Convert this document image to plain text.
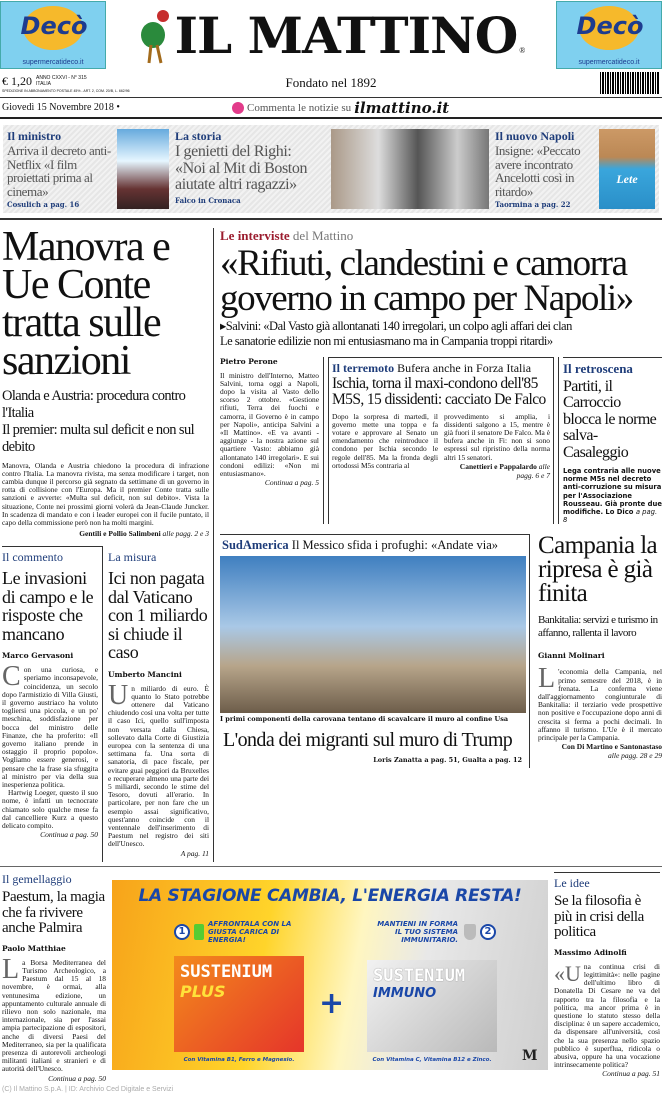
Decò
supermercatideco.it	IL MATTINO ®
Decò
supermercatideco.it
€ 1,20 ANNO CXXVI - N° 315
ITALIA
SPEDIZIONE IN ABBONAMENTO POSTALE 45% - ART. 2, COM. 20/B, L. 662/96
Fondato nel 1892
Giovedì 15 Novembre 2018 •	Commenta le notizie su ilmattino.it
Il ministro
Arriva il decreto anti-Netflix «I film proiettati prima al cinema»
Cosulich a pag. 16
La storia
I genietti del Righi: «Noi al Mit di Boston aiutate altri ragazzi»
Falco in Cronaca
Il nuovo Napoli
Insigne: «Peccato avere incontrato Ancelotti così in ritardo»
Taormina a pag. 22
Lete
Manovra e Ue Conte tratta sulle sanzioni
Olanda e Austria: procedura contro l'Italia
Il premier: multa sul deficit e non sul debito
Manovra, Olanda e Austria chiedono la procedura di infrazione contro l'Italia. La manovra rivista, ma senza modificare i target, non cambia dunque il percorso già segnato da settimane di un governo in rotta di collisione con l'Europa. Ma il premier Conte tratta sulle sanzioni e avverte: «Multa sul deficit, non sul debito». Vista la situazione, Conte nei prossimi giorni volerà da Jean-Claude Juncker. In scadenza di mandato e con i leader europei con il fucile puntato, il capo della commissione però non ha molti margini.
Gentili e Pollio Salimbeni alle pagg. 2 e 3
Il commento
Le invasioni di campo e le risposte che mancano
Marco Gervasoni
Con una curiosa, e speriamo inconsapevole, coincidenza, un secolo dopo l'armistizio di Villa Giusti, il governo austriaco ha voluto togliersi una piccola, e un po' meschina, soddisfazione per bocca del ministro delle Finanze, che ha proferito: «Il governo italiano prende in ostaggio il proprio popolo». Vogliamo essere generosi, e pensare che la frase sia sfuggita al ministro per via della sua inesperienza politica.
Hartwig Loeger, questo il suo nome, è infatti un tecnocrate chiamato solo qualche mese fa dal cancelliere Kurz a questo delicato compito.
Continua a pag. 50
La misura
Ici non pagata dal Vaticano con 1 miliardo si chiude il caso
Umberto Mancini
Un miliardo di euro. È quanto lo Stato potrebbe ottenere dal Vaticano chiudendo così una volta per tutte il caso Ici, quello sull'imposta non versata dalla Chiesa, sollevato dalla Corte di Giustizia europea con la sentenza di una settimana fa. Una sorta di sanatoria, di pace fiscale, per evitare guai peggiori da Bruxelles e recuperare almeno una parte dei 5 miliardi, secondo le stime del Tesoro, dovuti all'erario. In particolare, per non fare che un esempio assai significativo, quest'anno coincide con il ventennale dell'inserimento di Paestum nel registro dei siti dell'Unesco.
A pag. 11
Le interviste del Mattino
«Rifiuti, clandestini e camorra governo in campo per Napoli»
▸Salvini: «Dal Vasto già allontanati 140 irregolari, un colpo agli affari dei clan
Le sanatorie edilizie non mi entusiasmano ma in Campania troppi ritardi»
Pietro Perone
Il ministro dell'Interno, Matteo Salvini, torna oggi a Napoli, dopo la visita al Vasto dello scorso 2 ottobre. «Gestione rifiuti, Terra dei fuochi e camorra, il Governo è in campo per Napoli», anticipa Salvini a «Il Mattino». «E va avanti - aggiunge - la nostra azione sul quartiere Vasto: abbiamo già allontanato 140 irregolari». E sui condoni edilizi: «Non mi entusiasmano».
Continua a pag. 5
Il terremoto Bufera anche in Forza Italia
Ischia, torna il maxi-condono dell'85 M5S, 15 dissidenti: cacciato De Falco
Dopo la sorpresa di martedì, il governo mette una toppa e fa votare e approvare al Senato un emendamento che reintroduce il condono per Ischia secondo le regole dell'85. Ma la fronda degli ortodossi M5s contraria al
provvedimento si amplia, i dissidenti salgono a 15, mentre è già fuori il senatore De Falco. Ma è bufera anche in Fi: non si sono espressi sul ripristino della norma altri 15 senatori.
Canettieri e Pappalardo alle pagg. 6 e 7
Il retroscena
Partiti, il Carroccio blocca le norme salva-Casaleggio
Lega contraria alle nuove norme M5s nel decreto anti-corruzione su misura per l'Associazione Rousseau. Già pronte due modifiche. Lo Dico a pag. 8
SudAmerica Il Messico sfida i profughi: «Andate via»
I primi componenti della carovana tentano di scavalcare il muro al confine Usa
L'onda dei migranti sul muro di Trump
Loris Zanatta a pag. 51, Gualta a pag. 12
Campania la ripresa è già finita
Bankitalia: servizi e turismo in affanno, rallenta il lavoro
Gianni Molinari
L 'economia della Campania, nel primo semestre del 2018, è in frenata. La conferma viene dall'aggiornamento congiunturale di Bankitalia: il terziario vede prospettive non positive e l'occupazione dopo anni di crescita si ferma a pochi decimali. In affanno il turismo. L'Ue è il mercato principale per la Campania.
Con Di Martino e Santonastaso
alle pagg. 28 e 29
Il gemellaggio
Paestum, la magia che fa rivivere anche Palmira
Paolo Matthiae
La Borsa Mediterranea del Turismo Archeologico, a Paestum dal 15 al 18 novembre, è ormai, alla ventunesima edizione, un appuntamento culturale annuale di rilievo non solo nazionale, ma internazionale, sia per l'assai ampia partecipazione di espositori, anche di diversi Paesi del Mediterraneo, sia per la qualificata presenza di autorevoli archeologi militanti italiani e stranieri e di autorità dell'Unesco.
Continua a pag. 50
LA STAGIONE CAMBIA, L'ENERGIA RESTA!
1
AFFRONTALA CON LA GIUSTA CARICA DI ENERGIA!
MANTIENI IN FORMA IL TUO SISTEMA IMMUNITARIO.
2
SUSTENIUM
PLUS	+
SUSTENIUM
IMMUNO
Con Vitamina B1, Ferro e Magnesio.	Con Vitamina C, Vitamina B12 e Zinco.	M
Le idee
Se la filosofia è più in crisi della politica
Massimo Adinolfi
«Una continua crisi di legittimità»: nelle pagine dell'ultimo libro di Donatella Di Cesare ne va del rapporto tra la filosofia e la politica, ma ancor prima è in questione lo statuto stesso della disciplina: è un sapere accademico, da dispensare all'università, così che la sua presenza nello spazio pubblico è superflua, ridicola o abusiva, oppure ha una vocazione intrinsecamente politica?
Continua a pag. 51
(C) Il Mattino S.p.A. | ID: Archivio Ced Digitale e Servizi
